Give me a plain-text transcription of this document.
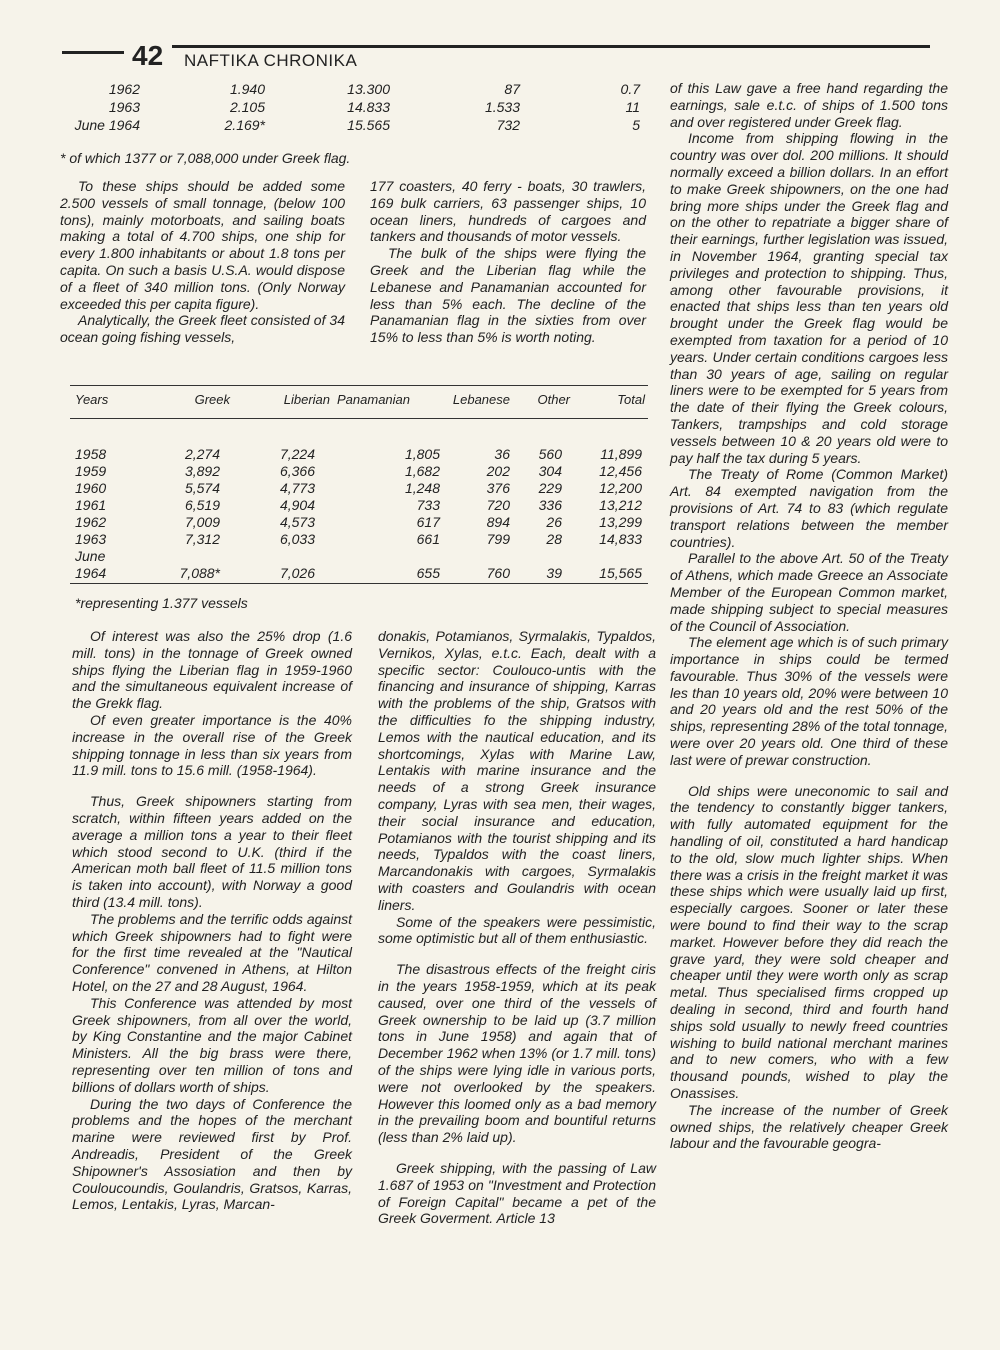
42 NAFTIKA CHRONIKA
1962	1.940	13.300	87	0.7
1963	2.105	14.833	1.533	11
June 1964	2.169*	15.565	732	5
* of which 1377 or 7,088,000 under Greek flag.

To these ships should be added some 2.500 vessels of small tonnage, (below 100 tons), mainly motorboats, and sailing boats making a total of 4.700 ships, one ship for every 1.800 inhabitants or about 1.8 tons per capita. On such a basis U.S.A. would dispose of a fleet of 340 million tons. (Only Norway exceeded this per capita figure).

Analytically, the Greek fleet consisted of 34 ocean going fishing vessels,

177 coasters, 40 ferry - boats, 30 trawlers, 169 bulk carriers, 63 passenger ships, 10 ocean liners, hundreds of cargoes and tankers and thousands of motor vessels.

The bulk of the ships were flying the Greek and the Liberian flag while the Lebanese and Panamanian accounted for less than 5% each. The decline of the Panamanian flag in the sixties from over 15% to less than 5% is worth noting.

Years	Greek	Liberian Panamanian	Lebanese	Other	Total
1958	2,274	7,224	1,805	36	560	11,899
1959	3,892	6,366	1,682	202	304	12,456
1960	5,574	4,773	1,248	376	229	12,200
1961	6,519	4,904	733	720	336	13,212
1962	7,009	4,573	617	894	26	13,299
1963	7,312	6,033	661	799	28	14,833
June
1964	7,088*	7,026	655	760	39	15,565
*representing 1.377 vessels

Of interest was also the 25% drop (1.6 mill. tons) in the tonnage of Greek owned ships flying the Liberian flag in 1959-1960 and the simultaneous equivalent increase of the Grekk flag.

Of even greater importance is the 40% increase in the overall rise of the Greek shipping tonnage in less than six years from 11.9 mill. tons to 15.6 mill. (1958-1964).

Thus, Greek shipowners starting from scratch, within fifteen years added on the average a million tons a year to their fleet which stood second to U.K. (third if the American moth ball fleet of 11.5 million tons is taken into account), with Norway a good third (13.4 mill. tons).

The problems and the terrific odds against which Greek shipowners had to fight were for the first time revealed at the "Nautical Conference" convened in Athens, at Hilton Hotel, on the 27 and 28 August, 1964.

This Conference was attended by most Greek shipowners, from all over the world, by King Constantine and the major Cabinet Ministers. All the big brass were there, representing over ten million of tons and billions of dollars worth of ships.

During the two days of Conference the problems and the hopes of the merchant marine were reviewed first by Prof. Andreadis, President of the Greek Shipowner's Assosiation and then by Couloucoundis, Goulandris, Gratsos, Karras, Lemos, Lentakis, Lyras, Marcan-

donakis, Potamianos, Syrmalakis, Typaldos, Vernikos, Xylas, e.t.c. Each, dealt with a specific sector: Coulouco-untis with the financing and insurance of shipping, Karras with the problems of the ship, Gratsos with the difficulties fo the shipping industry, Lemos with the nautical education, and its shortcomings, Xylas with Marine Law, Lentakis with marine insurance and the needs of a strong Greek insurance company, Lyras with sea men, their wages, their social insurance and education, Potamianos with the tourist shipping and its needs, Typaldos with the coast liners, Marcandonakis with cargoes, Syrmalakis with coasters and Goulandris with ocean liners.

Some of the speakers were pessimistic, some optimistic but all of them enthusiastic.

The disastrous effects of the freight ciris in the years 1958-1959, which at its peak caused, over one third of the vessels of Greek ownership to be laid up (3.7 million tons in June 1958) and again that of December 1962 when 13% (or 1.7 mill. tons) of the ships were lying idle in various ports, were not overlooked by the speakers. However this loomed only as a bad memory in the prevailing boom and bountiful returns (less than 2% laid up).

Greek shipping, with the passing of Law 1.687 of 1953 on "Investment and Protection of Foreign Capital" became a pet of the Greek Goverment. Article 13

of this Law gave a free hand regarding the earnings, sale e.t.c. of ships of 1.500 tons and over registered under Greek flag.

Income from shipping flowing in the country was over dol. 200 millions. It should normally exceed a billion dollars. In an effort to make Greek shipowners, on the one had bring more ships under the Greek flag and on the other to repatriate a bigger share of their earnings, further legislation was issued, in November 1964, granting special tax privileges and protection to shipping. Thus, among other favourable provisions, it enacted that ships less than ten years old brought under the Greek flag would be exempted from taxation for a period of 10 years. Under certain conditions cargoes less than 30 years of age, sailing on regular liners were to be exempted for 5 years from the date of their flying the Greek colours, Tankers, trampships and cold storage vessels between 10 & 20 years old were to pay half the tax during 5 years.

The Treaty of Rome (Common Market) Art. 84 exempted navigation from the provisions of Art. 74 to 83 (which regulate transport relations between the member countries).

Parallel to the above Art. 50 of the Treaty of Athens, which made Greece an Associate Member of the European Common market, made shipping subject to special measures of the Council of Association.

The element age which is of such primary importance in ships could be termed favourable. Thus 30% of the vessels were les than 10 years old, 20% were between 10 and 20 years old and the rest 50% of the ships, representing 28% of the total tonnage, were over 20 years old. One third of these last were of prewar construction.

Old ships were uneconomic to sail and the tendency to constantly bigger tankers, with fully automated equipment for the handling of oil, constituted a hard handicap to the old, slow much lighter ships. When there was a crisis in the freight market it was these ships which were usually laid up first, especially cargoes. Sooner or later these were bound to find their way to the scrap market. However before they did reach the grave yard, they were sold cheaper and cheaper until they were worth only as scrap metal. Thus specialised firms cropped up dealing in second, third and fourth hand ships sold usually to newly freed countries wishing to build national merchant marines and to new comers, who with a few thousand pounds, wished to play the Onassises.

The increase of the number of Greek owned ships, the relatively cheaper Greek labour and the favourable geogra-
